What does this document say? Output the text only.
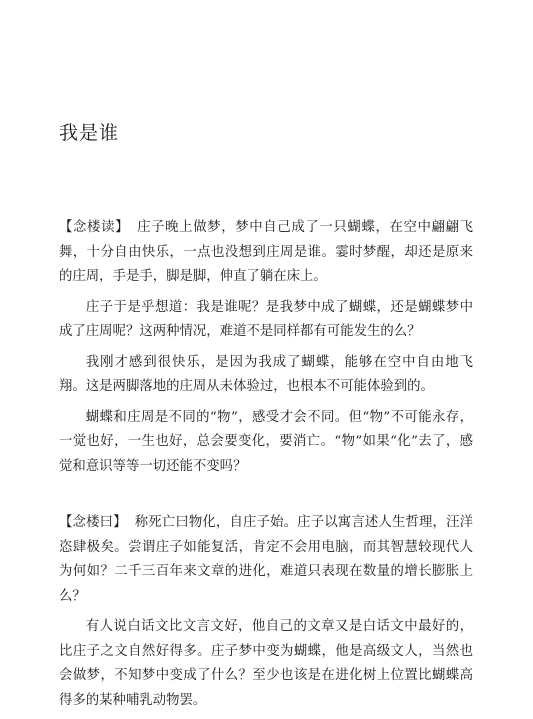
我是谁

【念楼读】 庄子晚上做梦，梦中自己成了一只蝴蝶，在空中翩翩飞舞，十分自由快乐，一点也没想到庄周是谁。霎时梦醒，却还是原来的庄周，手是手，脚是脚，伸直了躺在床上。

庄子于是乎想道：我是谁呢？是我梦中成了蝴蝶，还是蝴蝶梦中成了庄周呢？这两种情况，难道不是同样都有可能发生的么？

我刚才感到很快乐，是因为我成了蝴蝶，能够在空中自由地飞翔。这是两脚落地的庄周从未体验过，也根本不可能体验到的。

蝴蝶和庄周是不同的“物”，感受才会不同。但“物”不可能永存，一觉也好，一生也好，总会要变化，要消亡。“物”如果“化”去了，感觉和意识等等一切还能不变吗？

【念楼曰】 称死亡曰物化，自庄子始。庄子以寓言述人生哲理，汪洋恣肆极矣。尝谓庄子如能复活，肯定不会用电脑，而其智慧较现代人为何如？二千三百年来文章的进化，难道只表现在数量的增长膨胀上么？

有人说白话文比文言文好，他自己的文章又是白话文中最好的，比庄子之文自然好得多。庄子梦中变为蝴蝶，他是高级文人，当然也会做梦，不知梦中变成了什么？至少也该是在进化树上位置比蝴蝶高得多的某种哺乳动物罢。
